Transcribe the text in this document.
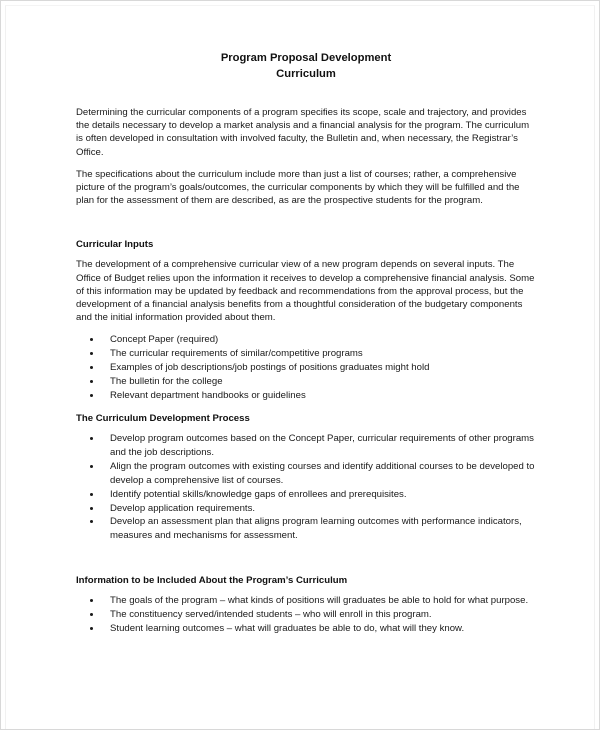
Program Proposal Development
Curriculum

Determining the curricular components of a program specifies its scope, scale and trajectory, and provides the details necessary to develop a market analysis and a financial analysis for the program. The curriculum is often developed in consultation with involved faculty, the Bulletin and, when necessary, the Registrar’s Office.

The specifications about the curriculum include more than just a list of courses; rather, a comprehensive picture of the program’s goals/outcomes, the curricular components by which they will be fulfilled and the plan for the assessment of them are described, as are the prospective students for the program.

Curricular Inputs

The development of a comprehensive curricular view of a new program depends on several inputs. The Office of Budget relies upon the information it receives to develop a comprehensive financial analysis. Some of this information may be updated by feedback and recommendations from the approval process, but the development of a financial analysis benefits from a thoughtful consideration of the budgetary components and the initial information provided about them.

Concept Paper (required)
The curricular requirements of similar/competitive programs
Examples of job descriptions/job postings of positions graduates might hold
The bulletin for the college
Relevant department handbooks or guidelines
The Curriculum Development Process
Develop program outcomes based on the Concept Paper, curricular requirements of other programs and the job descriptions.
Align the program outcomes with existing courses and identify additional courses to be developed to develop a comprehensive list of courses.
Identify potential skills/knowledge gaps of enrollees and prerequisites.
Develop application requirements.
Develop an assessment plan that aligns program learning outcomes with performance indicators, measures and mechanisms for assessment.
Information to be Included About the Program’s Curriculum
The goals of the program – what kinds of positions will graduates be able to hold for what purpose.
The constituency served/intended students – who will enroll in this program.
Student learning outcomes – what will graduates be able to do, what will they know.
